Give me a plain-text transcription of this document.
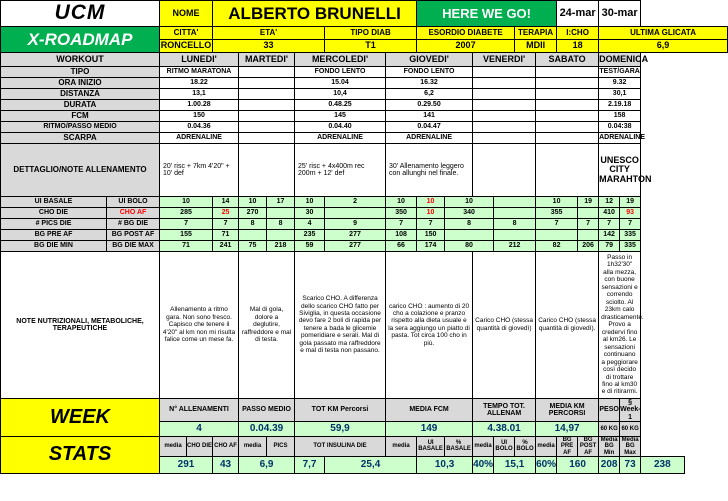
UCM		NOME		ALBERTO BRUNELLI						HERE WE GO!						24-mar		30-mar		
X-ROADMAP		CITTA'		ETA'				TIPO DIAB		ESORDIO DIABETE				TERAPIA		I:CHO		ULTIMA GLICATA		
		RONCELLO		33				T1		2007				MDII		18		6,9		
WORKOUT		LUNEDI'			MARTEDI'		MERCOLEDI'		GIOVEDI'			VENERDI'			SABATO			DOMENICA		
TIPO		RITMO MARATONA					FONDO LENTO		FONDO LENTO									TEST/GARA		
ORA INIZIO		18.22					15.04		16.32									9.32		
DISTANZA		13,1					10,4		6,2									30,1		
DURATA		1.00.28					0.48.25		0.29.50									2.19.18		
FCM		150					145		141									158		
RITMO/PASSO MEDIO		0.04.36					0.04.40		0.04.47									0.04:38		
SCARPA		ADRENALINE					ADRENALINE		ADRENALINE									ADRENALINE		
DETTAGLIO/NOTE ALLENAMENTO		20' risc + 7km 4'20" + 10' def					25' risc + 4x400m rec 200m + 12' def		30' Allenamento leggero con allunghi nel finale.									UNESCO CITY MARAHTON		
UI BASALE	UI BOLO	10		14	10	17	10	2	10	10	10				10		19	12	19	
CHO DIE	CHO AF	285		25	270		30		350	10	340				355			410	93	
# PICS DIE	# BG DIE	7		7	8	8	4	9	7	7	8		8		7		7	7	7	
BG PRE AF	BG POST AF	155		71			235	277	108	150								142	335	
BG DIE MIN	BG DIE MAX	71		241	75	218	59	277	66	174	80		212		82		206	79	335	
NOTE NUTRIZIONALI, METABOLICHE, TERAPEUTICHE	Allenamento a ritmo gara. Non sono fresco. Capisco che tenere il 4'20" al km non mi risulta falice come un mese fa.	Mal di gola, dolore a deglutire, raffreddore e mal di testa.	Scarico CHO. A differenza dello scarico CHO fatto per Siviglia, in questa occasione devo fare 2 boli di rapida per tenere a bada le glicemie pomeridiare e serali. Mal di gola passato ma raffreddore e mal di testa non passano.	carico CHO : aumento di 20 cho a colazione e pranzo rispetto alla dieta usuale e la sera aggiungo un piatto di pasta. Tot circa 100 cho in più.	Carico CHO (stessa quantità di giovedì)	Carico CHO (stessa quantità di giovedì).	Passo in 1h32'30" alla mezza, con buone sensazioni e correndo sciolto. Al 23km calo drasticamente. Provo a credervi fino al km26. Le sensazioni continuano a peggiorare così decido di trottare fino al km30 e di ritirarmi.
WEEK		N° ALLENAMENTI			PASSO MEDIO		TOT KM Percorsi		MEDIA FCM			TEMPO TOT. ALLENAM			MEDIA KM PERCORSI			PESO	§ Week-1	
		4			0.04.39		59,9		149			4.38.01			14,97			60 KG	60 KG	
STATS		media	CHO DIE	CHO AF	media	PICS	TOT INSULINA DIE		media	UI BASALE	% BASALE	media	UI BOLO	% BOLO	media	BG PRE AF	BG POST AF	Media BG Min	Media BG Max	
		291		43	6,9		7,7	25,4		10,3		40%	15,1		60%	160		208	73	238
